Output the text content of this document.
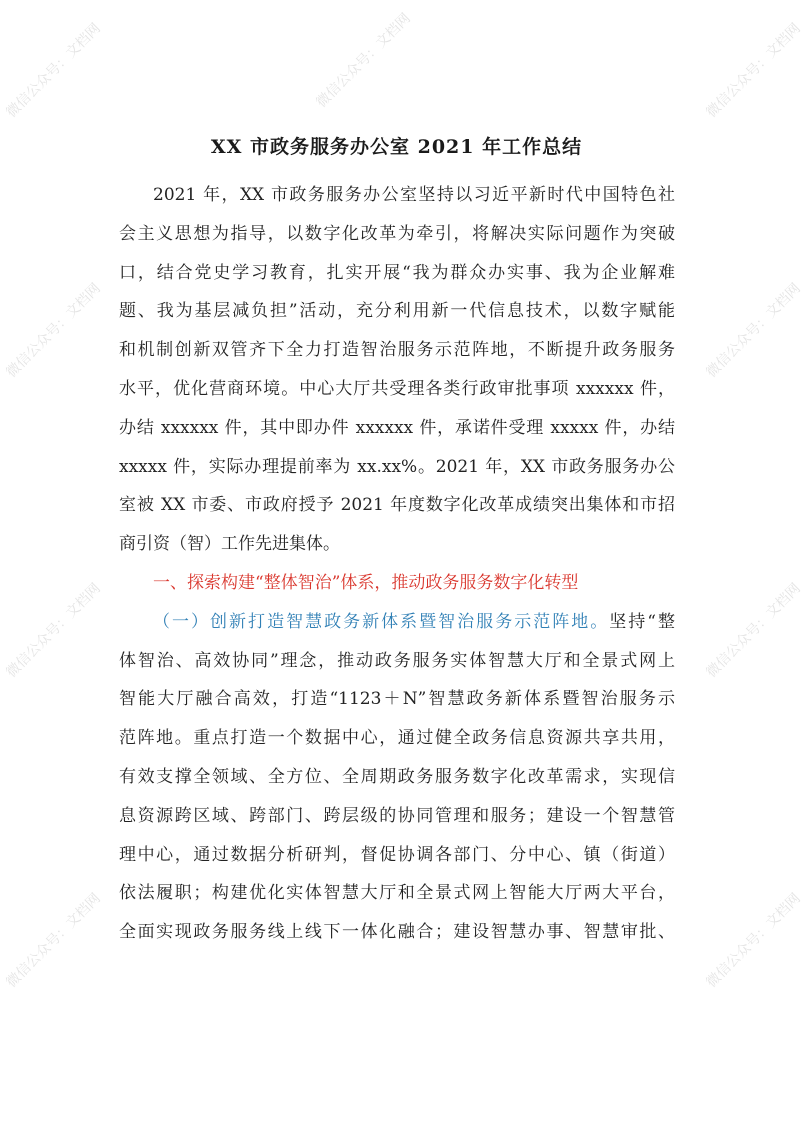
微信公众号：文档网	微信公众号：文档网	微信公众号：文档网
微信公众号：文档网	微信公众号：文档网
微信公众号：文档网	微信公众号：文档网
微信公众号：文档网	微信公众号：文档网
XX 市政务服务办公室 2021 年工作总结
2021 年，XX 市政务服务办公室坚持以习近平新时代中国特色社
会主义思想为指导，以数字化改革为牵引，将解决实际问题作为突破
口，结合党史学习教育，扎实开展“我为群众办实事、我为企业解难
题、我为基层减负担”活动，充分利用新一代信息技术，以数字赋能
和机制创新双管齐下全力打造智治服务示范阵地，不断提升政务服务
水平，优化营商环境。中心大厅共受理各类行政审批事项 xxxxxx 件，
办结 xxxxxx 件，其中即办件 xxxxxx 件，承诺件受理 xxxxx 件，办结
xxxxx 件，实际办理提前率为 xx.xx%。2021 年，XX 市政务服务办公
室被 XX 市委、市政府授予 2021 年度数字化改革成绩突出集体和市招
商引资（智）工作先进集体。
一、探索构建“整体智治”体系，推动政务服务数字化转型
（一）创新打造智慧政务新体系暨智治服务示范阵地。坚持“整
体智治、高效协同”理念，推动政务服务实体智慧大厅和全景式网上
智能大厅融合高效，打造“1123＋N”智慧政务新体系暨智治服务示
范阵地。重点打造一个数据中心，通过健全政务信息资源共享共用，
有效支撑全领域、全方位、全周期政务服务数字化改革需求，实现信
息资源跨区域、跨部门、跨层级的协同管理和服务；建设一个智慧管
理中心，通过数据分析研判，督促协调各部门、分中心、镇（街道）
依法履职；构建优化实体智慧大厅和全景式网上智能大厅两大平台，
全面实现政务服务线上线下一体化融合；建设智慧办事、智慧审批、
